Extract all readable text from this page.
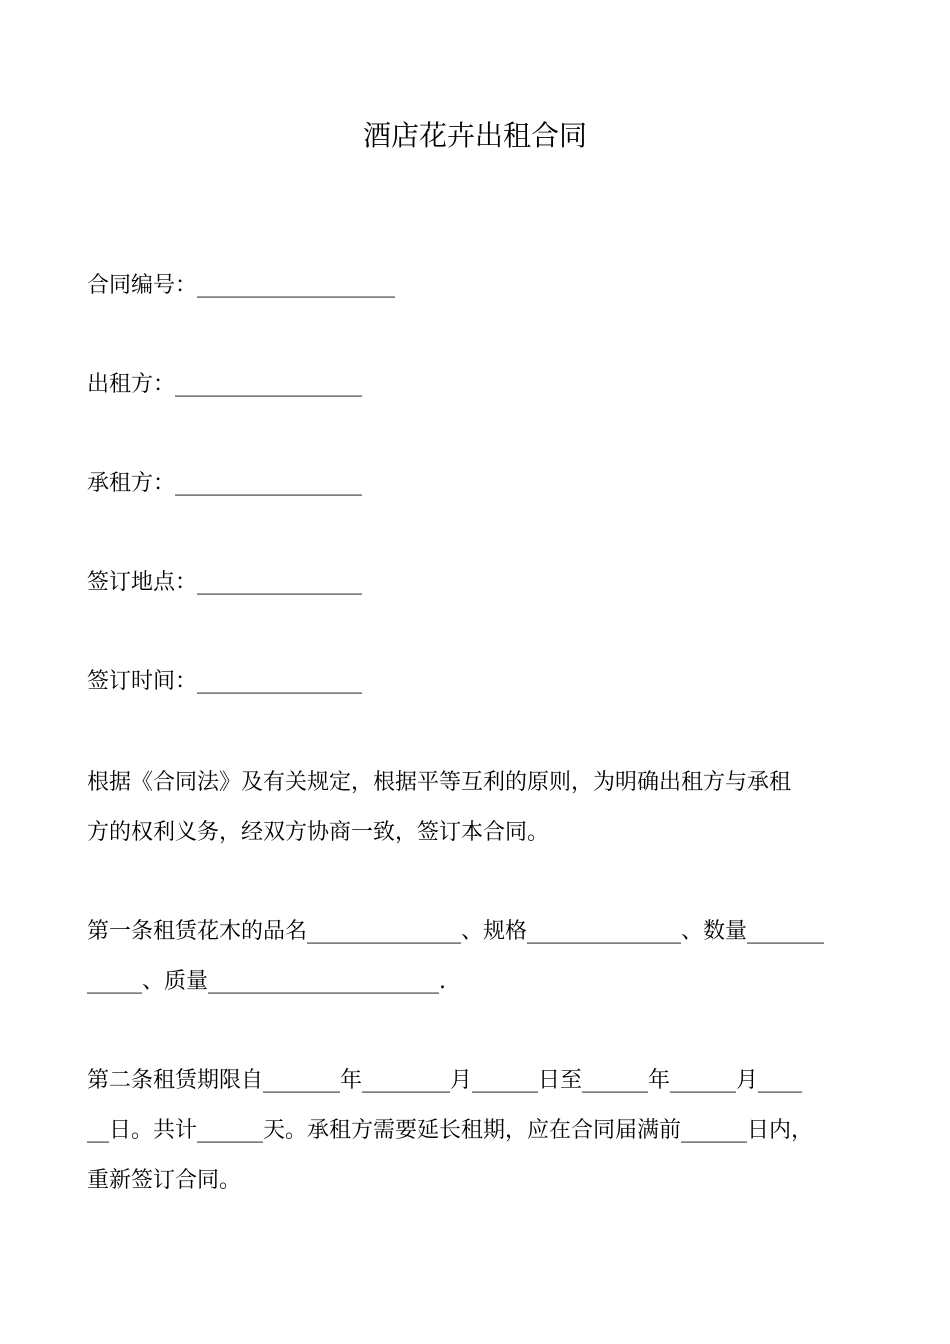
酒店花卉出租合同
合同编号：__________________
出租方：_________________
承租方：_________________
签订地点：_______________
签订时间：_______________
根据《合同法》及有关规定，根据平等互利的原则，为明确出租方与承租
方的权利义务，经双方协商一致，签订本合同。
第一条租赁花木的品名______________、规格______________、数量_______
_____、质量_____________________.
第二条租赁期限自_______年________月______日至______年______月____
__日。共计______天。承租方需要延长租期，应在合同届满前______日内，
重新签订合同。
